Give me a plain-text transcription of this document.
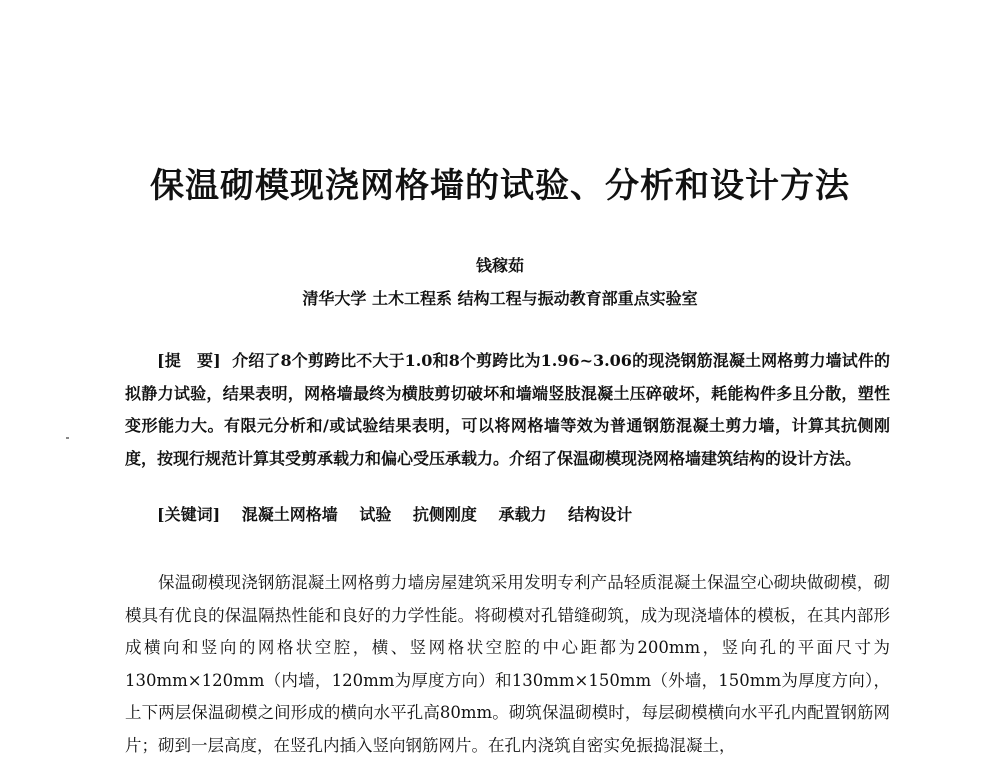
保温砌模现浇网格墙的试验、分析和设计方法
钱稼茹
清华大学 土木工程系 结构工程与振动教育部重点实验室

[提　要] 介绍了8个剪跨比不大于1.0和8个剪跨比为1.96~3.06的现浇钢筋混凝土网格剪力墙试件的拟静力试验，结果表明，网格墙最终为横肢剪切破坏和墙端竖肢混凝土压碎破坏，耗能构件多且分散，塑性变形能力大。有限元分析和/或试验结果表明，可以将网格墙等效为普通钢筋混凝土剪力墙，计算其抗侧刚度，按现行规范计算其受剪承载力和偏心受压承载力。介绍了保温砌模现浇网格墙建筑结构的设计方法。

[关键词] 混凝土网格墙 试验 抗侧刚度 承载力 结构设计

保温砌模现浇钢筋混凝土网格剪力墙房屋建筑采用发明专利产品轻质混凝土保温空心砌块做砌模，砌模具有优良的保温隔热性能和良好的力学性能。将砌模对孔错缝砌筑，成为现浇墙体的模板，在其内部形成横向和竖向的网格状空腔，横、竖网格状空腔的中心距都为200mm，竖向孔的平面尺寸为130mm×120mm（内墙，120mm为厚度方向）和130mm×150mm（外墙，150mm为厚度方向），上下两层保温砌模之间形成的横向水平孔高80mm。砌筑保温砌模时，每层砌模横向水平孔内配置钢筋网片；砌到一层高度，在竖孔内插入竖向钢筋网片。在孔内浇筑自密实免振捣混凝土，
